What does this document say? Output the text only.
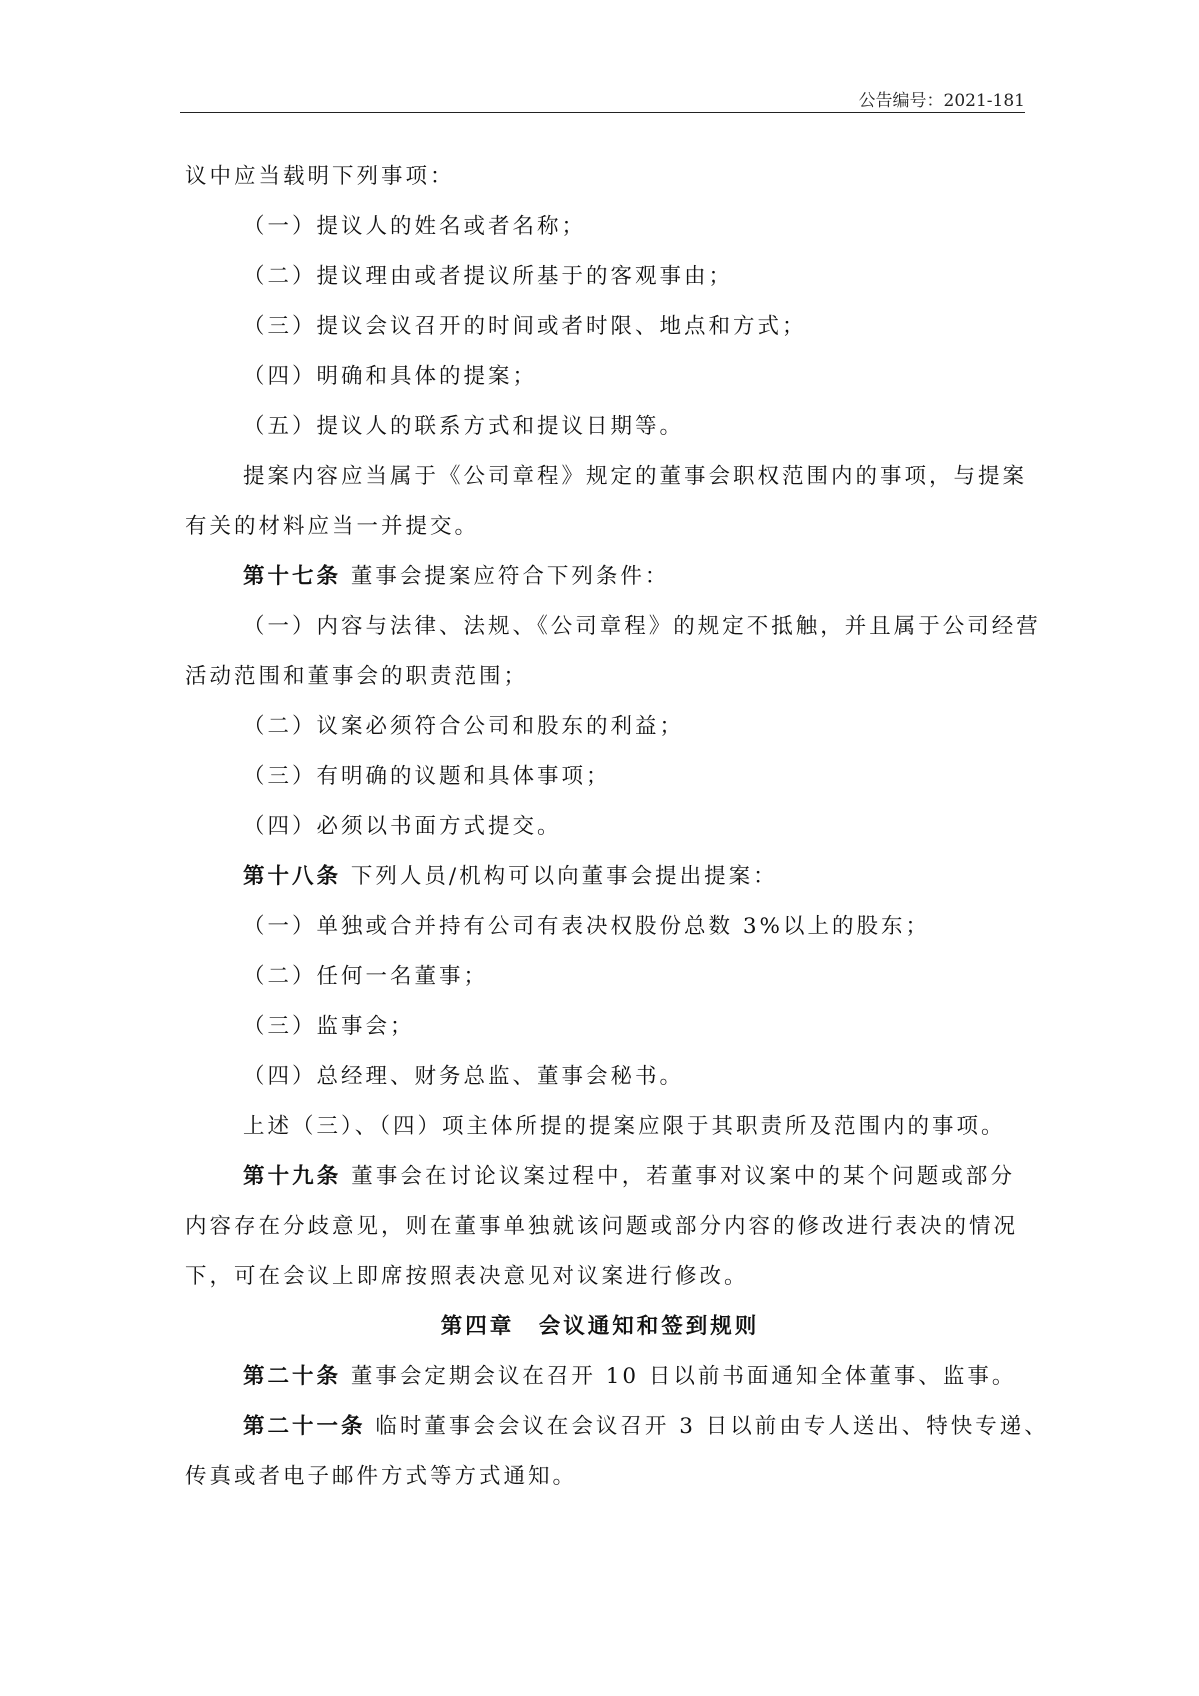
公告编号：2021-181

议中应当载明下列事项：

（一）提议人的姓名或者名称；

（二）提议理由或者提议所基于的客观事由；

（三）提议会议召开的时间或者时限、地点和方式；

（四）明确和具体的提案；

（五）提议人的联系方式和提议日期等。

提案内容应当属于《公司章程》规定的董事会职权范围内的事项，与提案

有关的材料应当一并提交。

第十七条 董事会提案应符合下列条件：

（一）内容与法律、法规、《公司章程》的规定不抵触，并且属于公司经营

活动范围和董事会的职责范围；

（二）议案必须符合公司和股东的利益；

（三）有明确的议题和具体事项；

（四）必须以书面方式提交。

第十八条 下列人员/机构可以向董事会提出提案：

（一）单独或合并持有公司有表决权股份总数 3%以上的股东；

（二）任何一名董事；

（三）监事会；

（四）总经理、财务总监、董事会秘书。

上述（三）、（四）项主体所提的提案应限于其职责所及范围内的事项。

第十九条 董事会在讨论议案过程中，若董事对议案中的某个问题或部分

内容存在分歧意见，则在董事单独就该问题或部分内容的修改进行表决的情况

下，可在会议上即席按照表决意见对议案进行修改。

第四章　会议通知和签到规则

第二十条 董事会定期会议在召开 10 日以前书面通知全体董事、监事。

第二十一条 临时董事会会议在会议召开 3 日以前由专人送出、特快专递、

传真或者电子邮件方式等方式通知。
